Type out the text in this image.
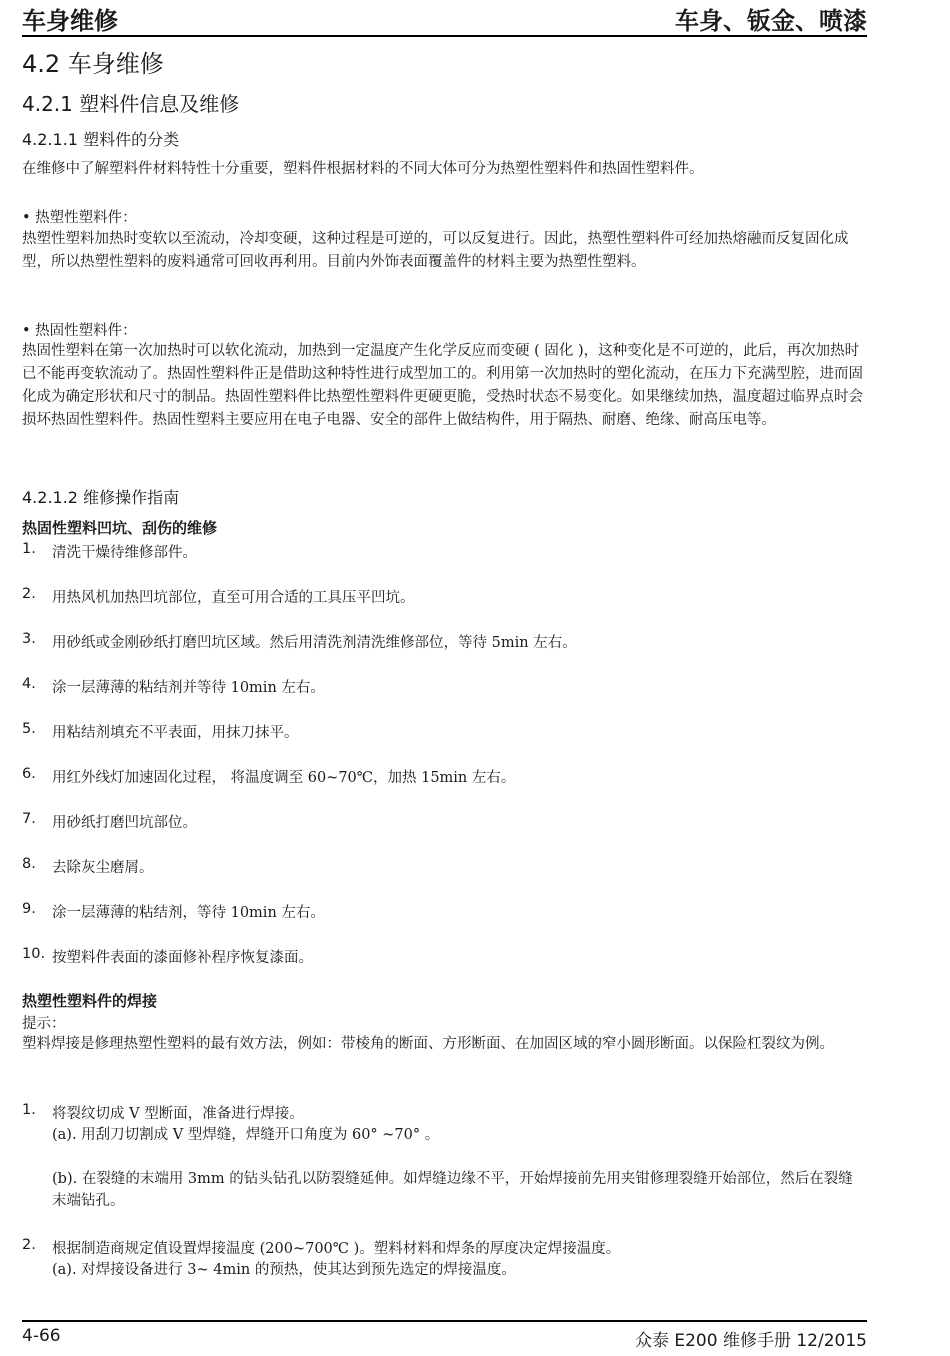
车身维修	车身、钣金、喷漆
4.2 车身维修
4.2.1 塑料件信息及维修
4.2.1.1 塑料件的分类
在维修中了解塑料件材料特性十分重要，塑料件根据材料的不同大体可分为热塑性塑料件和热固性塑料件。
• 热塑性塑料件：
热塑性塑料加热时变软以至流动，冷却变硬，这种过程是可逆的，可以反复进行。因此，热塑性塑料件可经加热熔融而反复固化成型，所以热塑性塑料的废料通常可回收再利用。目前内外饰表面覆盖件的材料主要为热塑性塑料。
• 热固性塑料件：
热固性塑料在第一次加热时可以软化流动，加热到一定温度产生化学反应而变硬 ( 固化 )，这种变化是不可逆的，此后，再次加热时已不能再变软流动了。热固性塑料件正是借助这种特性进行成型加工的。利用第一次加热时的塑化流动，在压力下充满型腔，进而固化成为确定形状和尺寸的制品。热固性塑料件比热塑性塑料件更硬更脆，受热时状态不易变化。如果继续加热，温度超过临界点时会损坏热固性塑料件。热固性塑料主要应用在电子电器、安全的部件上做结构件，用于隔热、耐磨、绝缘、耐高压电等。
4.2.1.2 维修操作指南
热固性塑料凹坑、刮伤的维修
1.	清洗干燥待维修部件。
2.	用热风机加热凹坑部位，直至可用合适的工具压平凹坑。
3.	用砂纸或金刚砂纸打磨凹坑区域。然后用清洗剂清洗维修部位，等待 5min 左右。
4.	涂一层薄薄的粘结剂并等待 10min 左右。
5.	用粘结剂填充不平表面，用抹刀抹平。
6.	用红外线灯加速固化过程， 将温度调至 60~70℃，加热 15min 左右。
7.	用砂纸打磨凹坑部位。
8.	去除灰尘磨屑。
9.	涂一层薄薄的粘结剂，等待 10min 左右。
10. 按塑料件表面的漆面修补程序恢复漆面。
热塑性塑料件的焊接
提示：
塑料焊接是修理热塑性塑料的最有效方法，例如：带棱角的断面、方形断面、在加固区域的窄小圆形断面。以保险杠裂纹为例。
1.	将裂纹切成 V 型断面，准备进行焊接。
(a). 用刮刀切割成 V 型焊缝，焊缝开口角度为 60° ~70° 。
(b). 在裂缝的末端用 3mm 的钻头钻孔以防裂缝延伸。如焊缝边缘不平，开始焊接前先用夹钳修理裂缝开始部位，然后在裂缝末端钻孔。
2.	根据制造商规定值设置焊接温度 (200~700℃ )。塑料材料和焊条的厚度决定焊接温度。
(a). 对焊接设备进行 3~ 4min 的预热，使其达到预先选定的焊接温度。
4-66	众泰 E200 维修手册 12/2015
